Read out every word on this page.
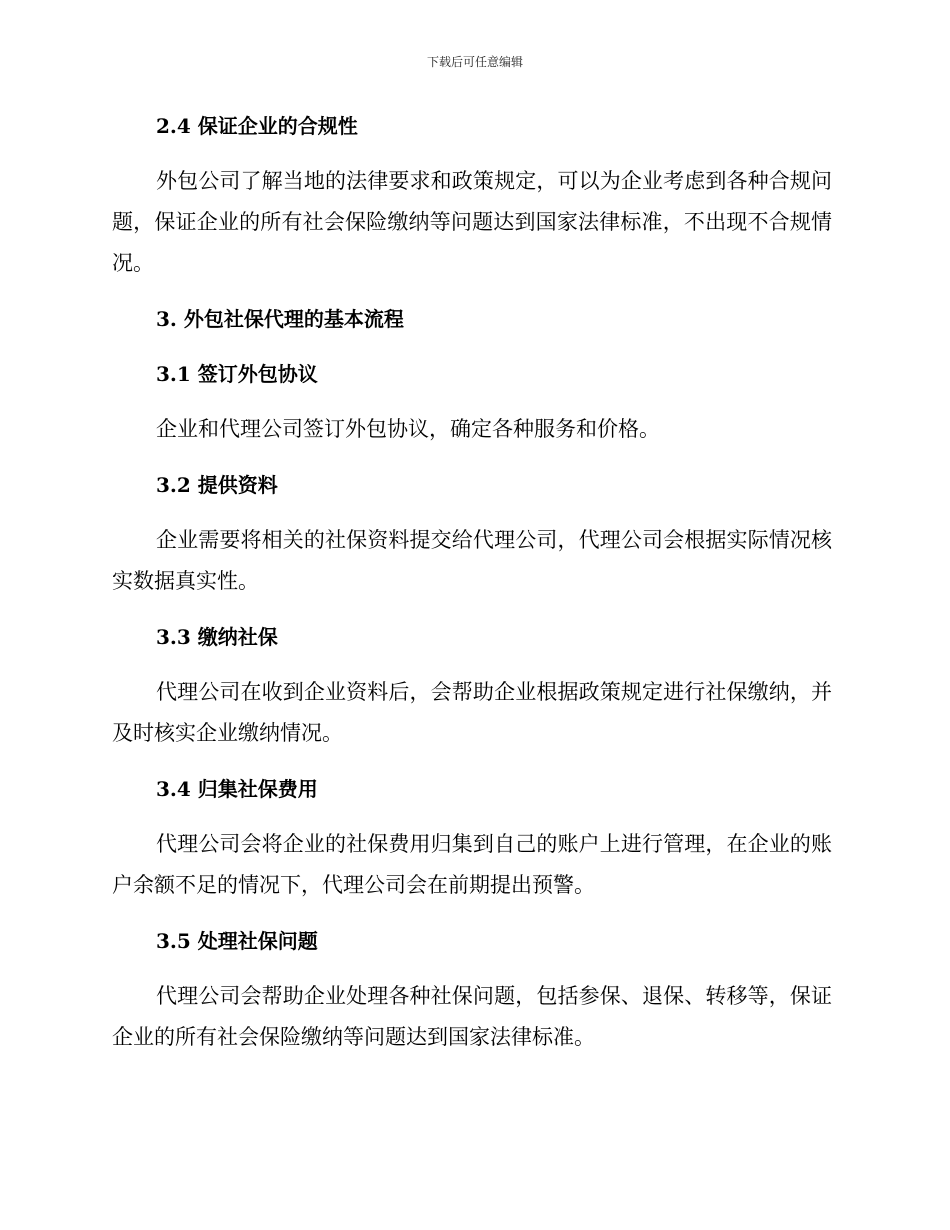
下载后可任意编辑
2.4 保证企业的合规性

外包公司了解当地的法律要求和政策规定，可以为企业考虑到各种合规问题，保证企业的所有社会保险缴纳等问题达到国家法律标准，不出现不合规情况。

3. 外包社保代理的基本流程
3.1 签订外包协议

企业和代理公司签订外包协议，确定各种服务和价格。

3.2 提供资料

企业需要将相关的社保资料提交给代理公司，代理公司会根据实际情况核实数据真实性。

3.3 缴纳社保

代理公司在收到企业资料后，会帮助企业根据政策规定进行社保缴纳，并及时核实企业缴纳情况。

3.4 归集社保费用

代理公司会将企业的社保费用归集到自己的账户上进行管理，在企业的账户余额不足的情况下，代理公司会在前期提出预警。

3.5 处理社保问题

代理公司会帮助企业处理各种社保问题，包括参保、退保、转移等，保证企业的所有社会保险缴纳等问题达到国家法律标准。
